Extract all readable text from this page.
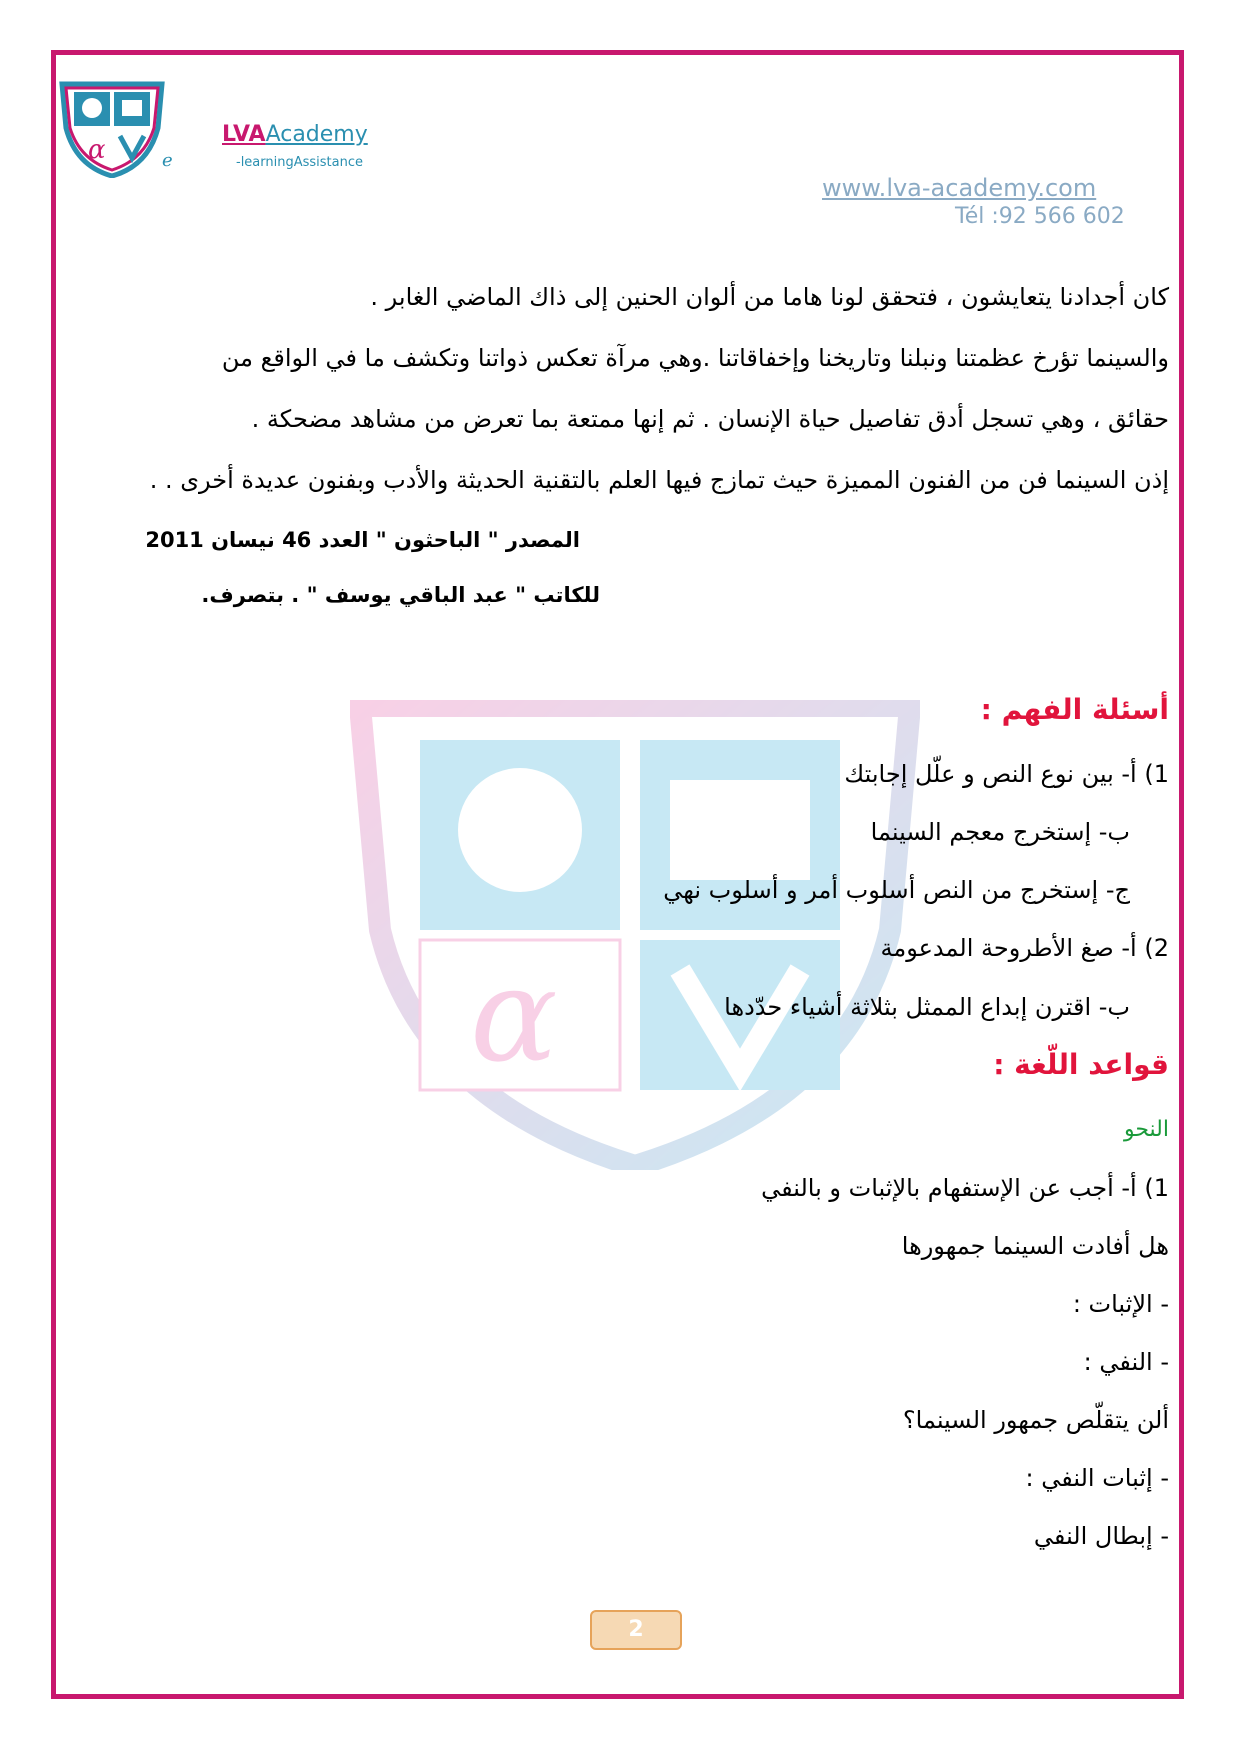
α
LVAAcademy
e	-learningAssistance
www.lva-academy.com
Tél :92 566 602
α
كان أجدادنا يتعايشون ، فتحقق لونا هاما من ألوان الحنين إلى ذاك الماضي الغابر .
والسينما تؤرخ عظمتنا ونبلنا وتاريخنا وإخفاقاتنا .وهي مرآة تعكس ذواتنا وتكشف ما في الواقع من
حقائق ، وهي تسجل أدق تفاصيل حياة الإنسان . ثم إنها ممتعة بما تعرض من مشاهد مضحكة .
إذن السينما فن من الفنون المميزة حيث تمازج فيها العلم بالتقنية الحديثة والأدب وبفنون عديدة أخرى . .
المصدر " الباحثون " العدد 46 نيسان 2011
للكاتب " عبد الباقي يوسف " . بتصرف.
أسئلة الفهم :
1) أ- بين نوع النص و علّل إجابتك
ب- إستخرج معجم السينما
ج- إستخرج من النص أسلوب أمر و أسلوب نهي
2) أ- صغ الأطروحة المدعومة
ب- اقترن إبداع الممثل بثلاثة أشياء حدّدها
قواعد اللّغة :
النحو
1) أ- أجب عن الإستفهام بالإثبات و بالنفي
هل أفادت السينما جمهورها
- الإثبات :
- النفي :
ألن يتقلّص جمهور السينما؟
- إثبات النفي :
- إبطال النفي
2
